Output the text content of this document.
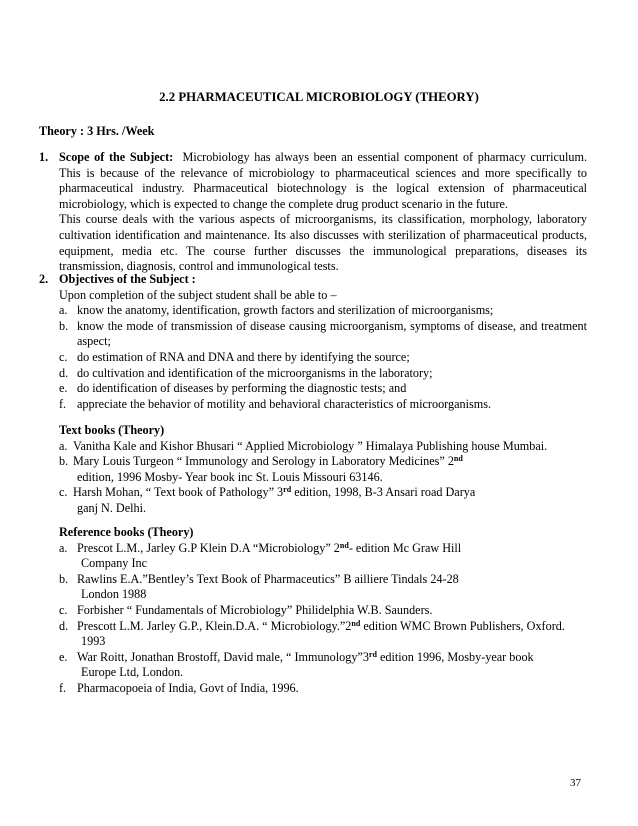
2.2 PHARMACEUTICAL MICROBIOLOGY (THEORY)

Theory : 3 Hrs. /Week

1. Scope of the Subject: Microbiology has always been an essential component of pharmacy curriculum. This is because of the relevance of microbiology to pharmaceutical sciences and more specifically to pharmaceutical industry. Pharmaceutical biotechnology is the logical extension of pharmaceutical microbiology, which is expected to change the complete drug product scenario in the future.

This course deals with the various aspects of microorganisms, its classification, morphology, laboratory cultivation identification and maintenance. Its also discusses with sterilization of pharmaceutical products, equipment, media etc. The course further discusses the immunological preparations, diseases its transmission, diagnosis, control and immunological tests.

2. Objectives of the Subject :

Upon completion of the subject student shall be able to –

a. know the anatomy, identification, growth factors and sterilization of microorganisms;
b. know the mode of transmission of disease causing microorganism, symptoms of disease, and treatment aspect;
c. do estimation of RNA and DNA and there by identifying the source;
d. do cultivation and identification of the microorganisms in the laboratory;
e. do identification of diseases by performing the diagnostic tests; and
f. appreciate the behavior of motility and behavioral characteristics of microorganisms.

Text books (Theory)

a. Vanitha Kale and Kishor Bhusari “ Applied Microbiology ” Himalaya Publishing house Mumbai.
b. Mary Louis Turgeon “ Immunology and Serology in Laboratory Medicines” 2nd
edition, 1996 Mosby- Year book inc St. Louis Missouri 63146.
c. Harsh Mohan, “ Text book of Pathology” 3rd edition, 1998, B-3 Ansari road Darya
ganj N. Delhi.

Reference books (Theory)

a. Prescot L.M., Jarley G.P Klein D.A “Microbiology” 2nd- edition Mc Graw Hill
Company Inc
b. Rawlins E.A.”Bentley’s Text Book of Pharmaceutics” B ailliere Tindals 24-28
London 1988
c. Forbisher “ Fundamentals of Microbiology” Philidelphia W.B. Saunders.
d. Prescott L.M. Jarley G.P., Klein.D.A. “ Microbiology.”2nd edition WMC Brown Publishers, Oxford.
1993
e. War Roitt, Jonathan Brostoff, David male, “ Immunology”3rd edition 1996, Mosby-year book
Europe Ltd, London.
f. Pharmacopoeia of India, Govt of India, 1996.

37
